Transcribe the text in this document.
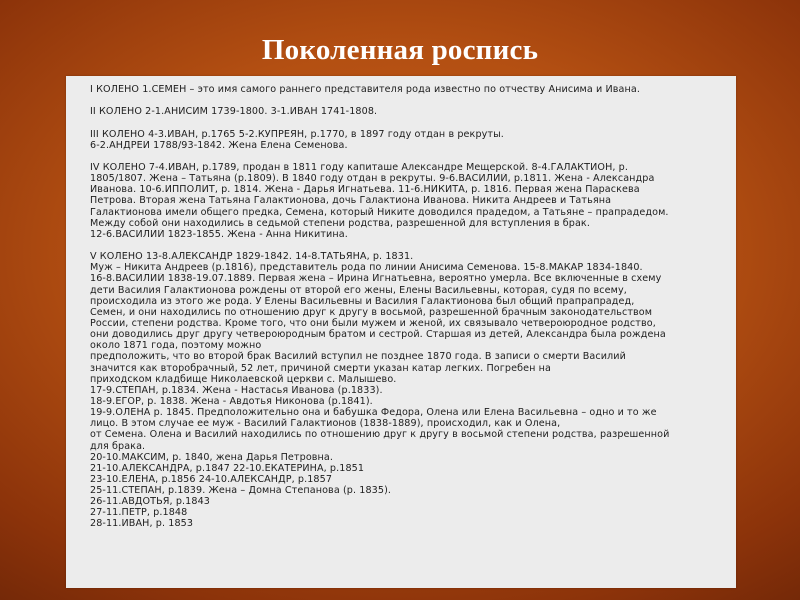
Поколенная роспись
I КОЛЕНО 1.СЕМЕН – это имя самого раннего представителя рода известно по отчеству Анисима и Ивана.
II КОЛЕНО 2-1.АНИСИМ 1739-1800. 3-1.ИВАН 1741-1808.
III КОЛЕНО 4-3.ИВАН, р.1765 5-2.КУПРЕЯН, р.1770, в 1897 году отдан в рекруты.
6-2.АНДРЕЙ 1788/93-1842. Жена Елена Семенова.
IV КОЛЕНО 7-4.ИВАН, р.1789, продан в 1811 году капиташе Александре Мещерской. 8-4.ГАЛАКТИОН, р.
1805/1807. Жена – Татьяна (р.1809). В 1840 году отдан в рекруты. 9-6.ВАСИЛИЙ, р.1811. Жена - Александра
Иванова. 10-6.ИППОЛИТ, р. 1814. Жена - Дарья Игнатьева. 11-6.НИКИТА, р. 1816. Первая жена Параскева
Петрова. Вторая жена Татьяна Галактионова, дочь Галактиона Иванова. Никита Андреев и Татьяна
Галактионова имели общего предка, Семена, который Никите доводился прадедом, а Татьяне – прапрадедом.
Между собой они находились в седьмой степени родства, разрешенной для вступления в брак.
12-6.ВАСИЛИЙ 1823-1855. Жена - Анна Никитина.
V КОЛЕНО 13-8.АЛЕКСАНДР 1829-1842. 14-8.ТАТЬЯНА, р. 1831.
Муж – Никита Андреев (р.1816), представитель рода по линии Анисима Семенова. 15-8.МАКАР 1834-1840.
16-8.ВАСИЛИЙ 1838-19.07.1889. Первая жена – Ирина Игнатьевна, вероятно умерла. Все включенные в схему
дети Василия Галактионова рождены от второй его жены, Елены Васильевны, которая, судя по всему,
происходила из этого же рода. У Елены Васильевны и Василия Галактионова был общий прапрапрадед,
Семен, и они находились по отношению друг к другу в восьмой, разрешенной брачным законодательством
России, степени родства. Кроме того, что они были мужем и женой, их связывало четвероюродное родство,
они доводились друг другу четвероюродным братом и сестрой. Старшая из детей, Александра была рождена
около 1871 года, поэтому можно
предположить, что во второй брак Василий вступил не позднее 1870 года. В записи о смерти Василий
значится как второбрачный, 52 лет, причиной смерти указан катар легких. Погребен на
приходском кладбище Николаевской церкви с. Малышево.
17-9.СТЕПАН, р.1834. Жена - Настасья Иванова (р.1833).
18-9.ЕГОР, р. 1838. Жена - Авдотья Никонова (р.1841).
19-9.ОЛЕНА р. 1845. Предположительно она и бабушка Федора, Олена или Елена Васильевна – одно и то же
лицо. В этом случае ее муж - Василий Галактионов (1838-1889), происходил, как и Олена,
от Семена. Олена и Василий находились по отношению друг к другу в восьмой степени родства, разрешенной
для брака.
20-10.МАКСИМ, р. 1840, жена Дарья Петровна.
21-10.АЛЕКСАНДРА, р.1847 22-10.ЕКАТЕРИНА, р.1851
23-10.ЕЛЕНА, р.1856 24-10.АЛЕКСАНДР, р.1857
25-11.СТЕПАН, р.1839. Жена – Домна Степанова (р. 1835).
26-11.АВДОТЬЯ, р.1843
27-11.ПЕТР, р.1848
28-11.ИВАН, р. 1853
